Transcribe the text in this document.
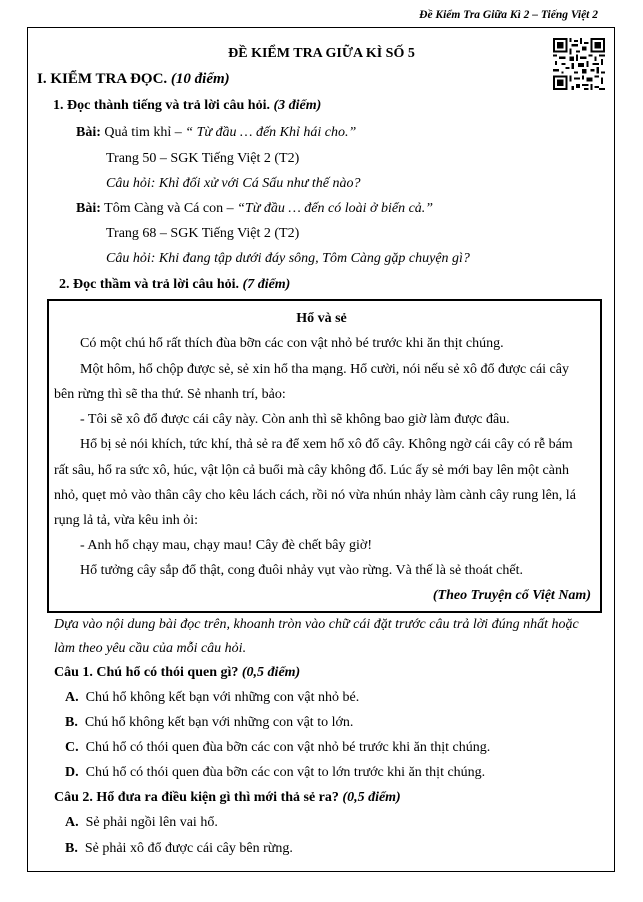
Đề Kiểm Tra Giữa Kì 2 – Tiếng Việt 2
ĐỀ KIỂM TRA GIỮA KÌ SỐ 5
I. KIỂM TRA ĐỌC. (10 điểm)
1. Đọc thành tiếng và trả lời câu hỏi. (3 điểm)
Bài: Quả tim khỉ – “ Từ đầu … đến Khỉ hái cho.”
Trang 50 – SGK Tiếng Việt 2 (T2)
Câu hỏi: Khỉ đối xử với Cá Sấu như thế nào?
Bài: Tôm Càng và Cá con – “Từ đầu … đến có loài ở biển cả.”
Trang 68 – SGK Tiếng Việt 2 (T2)
Câu hỏi: Khi đang tập dưới đáy sông, Tôm Càng gặp chuyện gì?
2. Đọc thầm và trả lời câu hỏi. (7 điểm)
Hổ và sẻ
Có một chú hổ rất thích đùa bỡn các con vật nhỏ bé trước khi ăn thịt chúng.
Một hôm, hổ chộp được sẻ, sẻ xin hổ tha mạng. Hổ cười, nói nếu sẻ xô đổ được cái cây
bên rừng thì sẽ tha thứ. Sẻ nhanh trí, bảo:
- Tôi sẽ xô đổ được cái cây này. Còn anh thì sẽ không bao giờ làm được đâu.
Hổ bị sẻ nói khích, tức khí, thả sẻ ra để xem hổ xô đổ cây. Không ngờ cái cây có rễ bám
rất sâu, hổ ra sức xô, húc, vật lộn cả buổi mà cây không đổ. Lúc ấy sẻ mới bay lên một cành
nhỏ, quẹt mỏ vào thân cây cho kêu lách cách, rồi nó vừa nhún nhảy làm cành cây rung lên, lá
rụng lả tả, vừa kêu inh ỏi:
- Anh hổ chạy mau, chạy mau! Cây đè chết bây giờ!
Hổ tưởng cây sắp đổ thật, cong đuôi nhảy vụt vào rừng. Và thế là sẻ thoát chết.
(Theo Truyện cổ Việt Nam)
Dựa vào nội dung bài đọc trên, khoanh tròn vào chữ cái đặt trước câu trả lời đúng nhất hoặc
làm theo yêu cầu của mỗi câu hỏi.
Câu 1. Chú hổ có thói quen gì? (0,5 điểm)
A. Chú hổ không kết bạn với những con vật nhỏ bé.
B. Chú hổ không kết bạn với những con vật to lớn.
C. Chú hổ có thói quen đùa bỡn các con vật nhỏ bé trước khi ăn thịt chúng.
D. Chú hổ có thói quen đùa bỡn các con vật to lớn trước khi ăn thịt chúng.
Câu 2. Hổ đưa ra điều kiện gì thì mới thả sẻ ra? (0,5 điểm)
A. Sẻ phải ngồi lên vai hổ.
B. Sẻ phải xô đổ được cái cây bên rừng.
